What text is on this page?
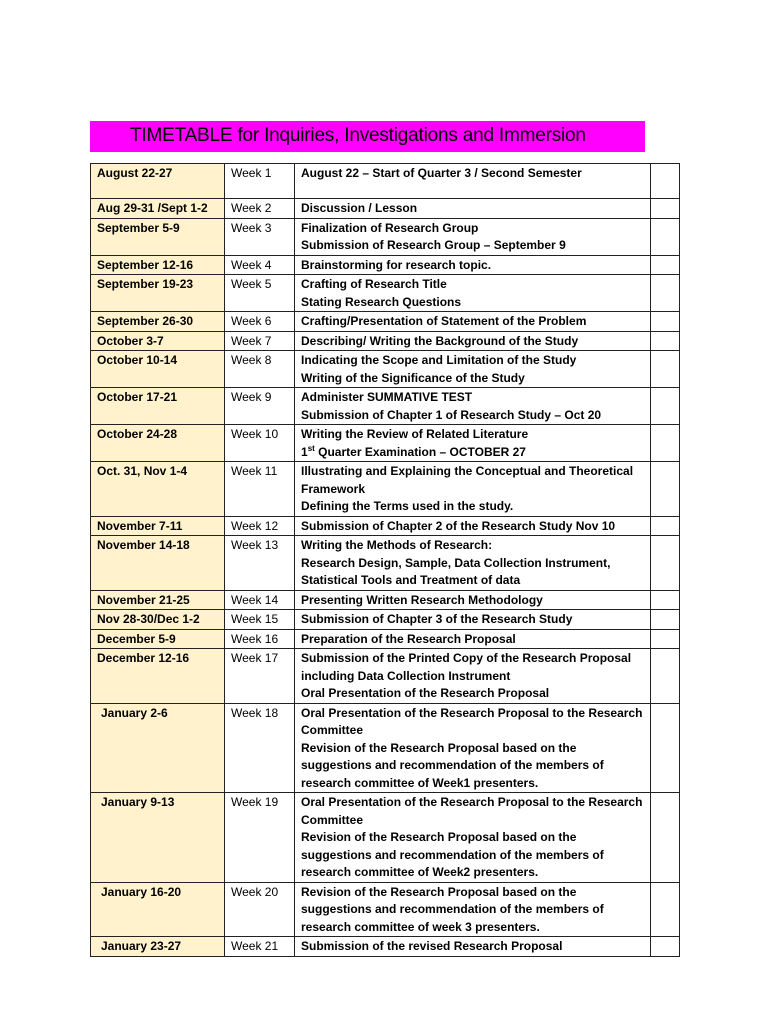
TIMETABLE for Inquiries, Investigations and Immersion
August 22-27	Week 1	August 22 – Start of Quarter 3 / Second Semester	

Aug 29-31 /Sept 1-2	Week 2	Discussion / Lesson	

September 5-9	Week 3	Finalization of Research Group
Submission of Research Group – September 9	

September 12-16	Week 4	Brainstorming for research topic.	

September 19-23	Week 5	Crafting of Research Title
Stating Research Questions	

September 26-30	Week 6	Crafting/Presentation of Statement of the Problem	

October 3-7	Week 7	Describing/ Writing the Background of the Study	

October 10-14	Week 8	Indicating the Scope and Limitation of the Study
Writing of the Significance of the Study	

October 17-21	Week 9	Administer SUMMATIVE TEST
Submission of Chapter 1 of Research Study – Oct 20	

October 24-28	Week 10	Writing the Review of Related Literature
1st Quarter Examination – OCTOBER 27	

Oct. 31, Nov 1-4	Week 11	Illustrating and Explaining the Conceptual and Theoretical Framework
Defining the Terms used in the study.	

November 7-11	Week 12	Submission of Chapter 2 of the Research Study Nov 10	

November 14-18	Week 13	Writing the Methods of Research:
Research Design, Sample, Data Collection Instrument, Statistical Tools and Treatment of data	

November 21-25	Week 14	Presenting Written Research Methodology	

Nov 28-30/Dec 1-2	Week 15	Submission of Chapter 3 of the Research Study	

December 5-9	Week 16	Preparation of the Research Proposal	

December 12-16	Week 17	Submission of the Printed Copy of the Research Proposal including Data Collection Instrument
Oral Presentation of the Research Proposal	

January 2-6	Week 18	Oral Presentation of the Research Proposal to the Research Committee
Revision of the Research Proposal based on the suggestions and recommendation of the members of research committee of Week1 presenters.	

January 9-13	Week 19	Oral Presentation of the Research Proposal to the Research Committee
Revision of the Research Proposal based on the suggestions and recommendation of the members of research committee of Week2 presenters.	

January 16-20	Week 20	Revision of the Research Proposal based on the suggestions and recommendation of the members of research committee of week 3 presenters.	

January 23-27	Week 21	Submission of the revised Research Proposal	
